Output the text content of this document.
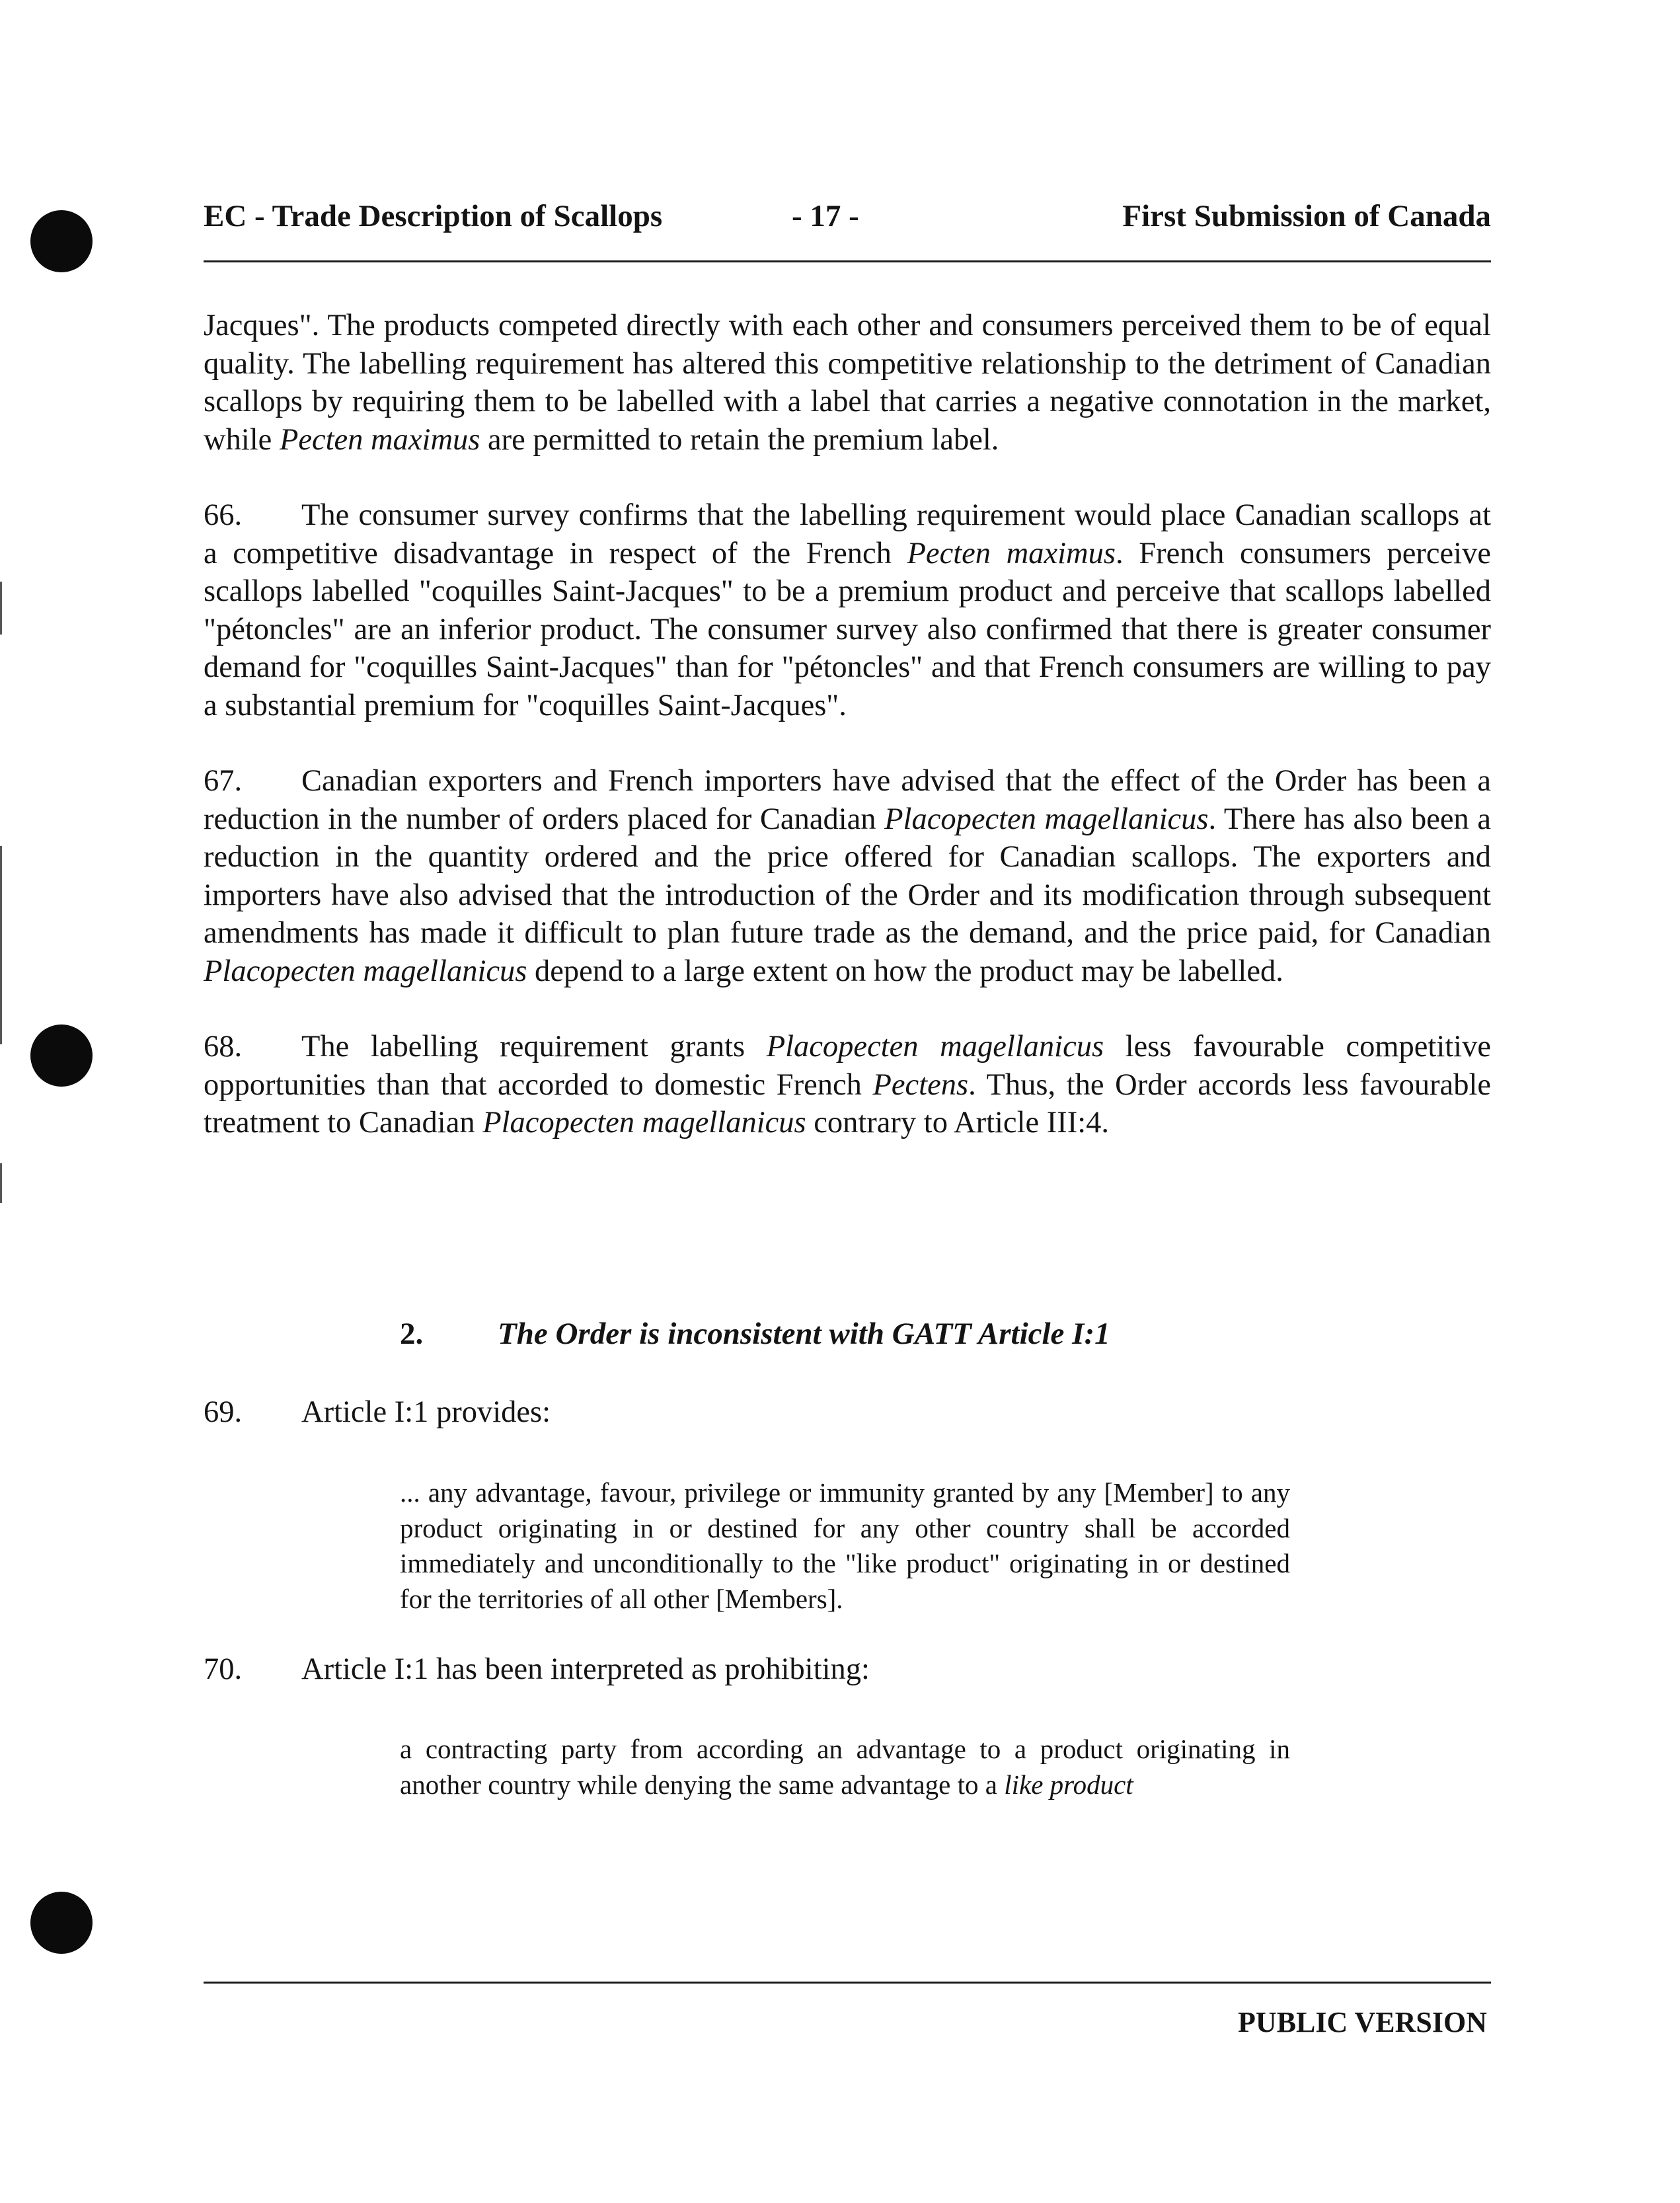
EC - Trade Description of Scallops	- 17 -	First Submission of Canada
Jacques". The products competed directly with each other and consumers perceived them to be of equal quality. The labelling requirement has altered this competitive relationship to the detriment of Canadian scallops by requiring them to be labelled with a label that carries a negative connotation in the market, while Pecten maximus are permitted to retain the premium label.
66. The consumer survey confirms that the labelling requirement would place Canadian scallops at a competitive disadvantage in respect of the French Pecten maximus. French consumers perceive scallops labelled "coquilles Saint-Jacques" to be a premium product and perceive that scallops labelled "pétoncles" are an inferior product. The consumer survey also confirmed that there is greater consumer demand for "coquilles Saint-Jacques" than for "pétoncles" and that French consumers are willing to pay a substantial premium for "coquilles Saint-Jacques".
67. Canadian exporters and French importers have advised that the effect of the Order has been a reduction in the number of orders placed for Canadian Placopecten magellanicus. There has also been a reduction in the quantity ordered and the price offered for Canadian scallops. The exporters and importers have also advised that the introduction of the Order and its modification through subsequent amendments has made it difficult to plan future trade as the demand, and the price paid, for Canadian Placopecten magellanicus depend to a large extent on how the product may be labelled.
68. The labelling requirement grants Placopecten magellanicus less favourable competitive opportunities than that accorded to domestic French Pectens. Thus, the Order accords less favourable treatment to Canadian Placopecten magellanicus contrary to Article III:4.
2. The Order is inconsistent with GATT Article I:1
69. Article I:1 provides:
... any advantage, favour, privilege or immunity granted by any [Member] to any product originating in or destined for any other country shall be accorded immediately and unconditionally to the "like product" originating in or destined for the territories of all other [Members].
70. Article I:1 has been interpreted as prohibiting:
a contracting party from according an advantage to a product originating in another country while denying the same advantage to a like product
PUBLIC VERSION
